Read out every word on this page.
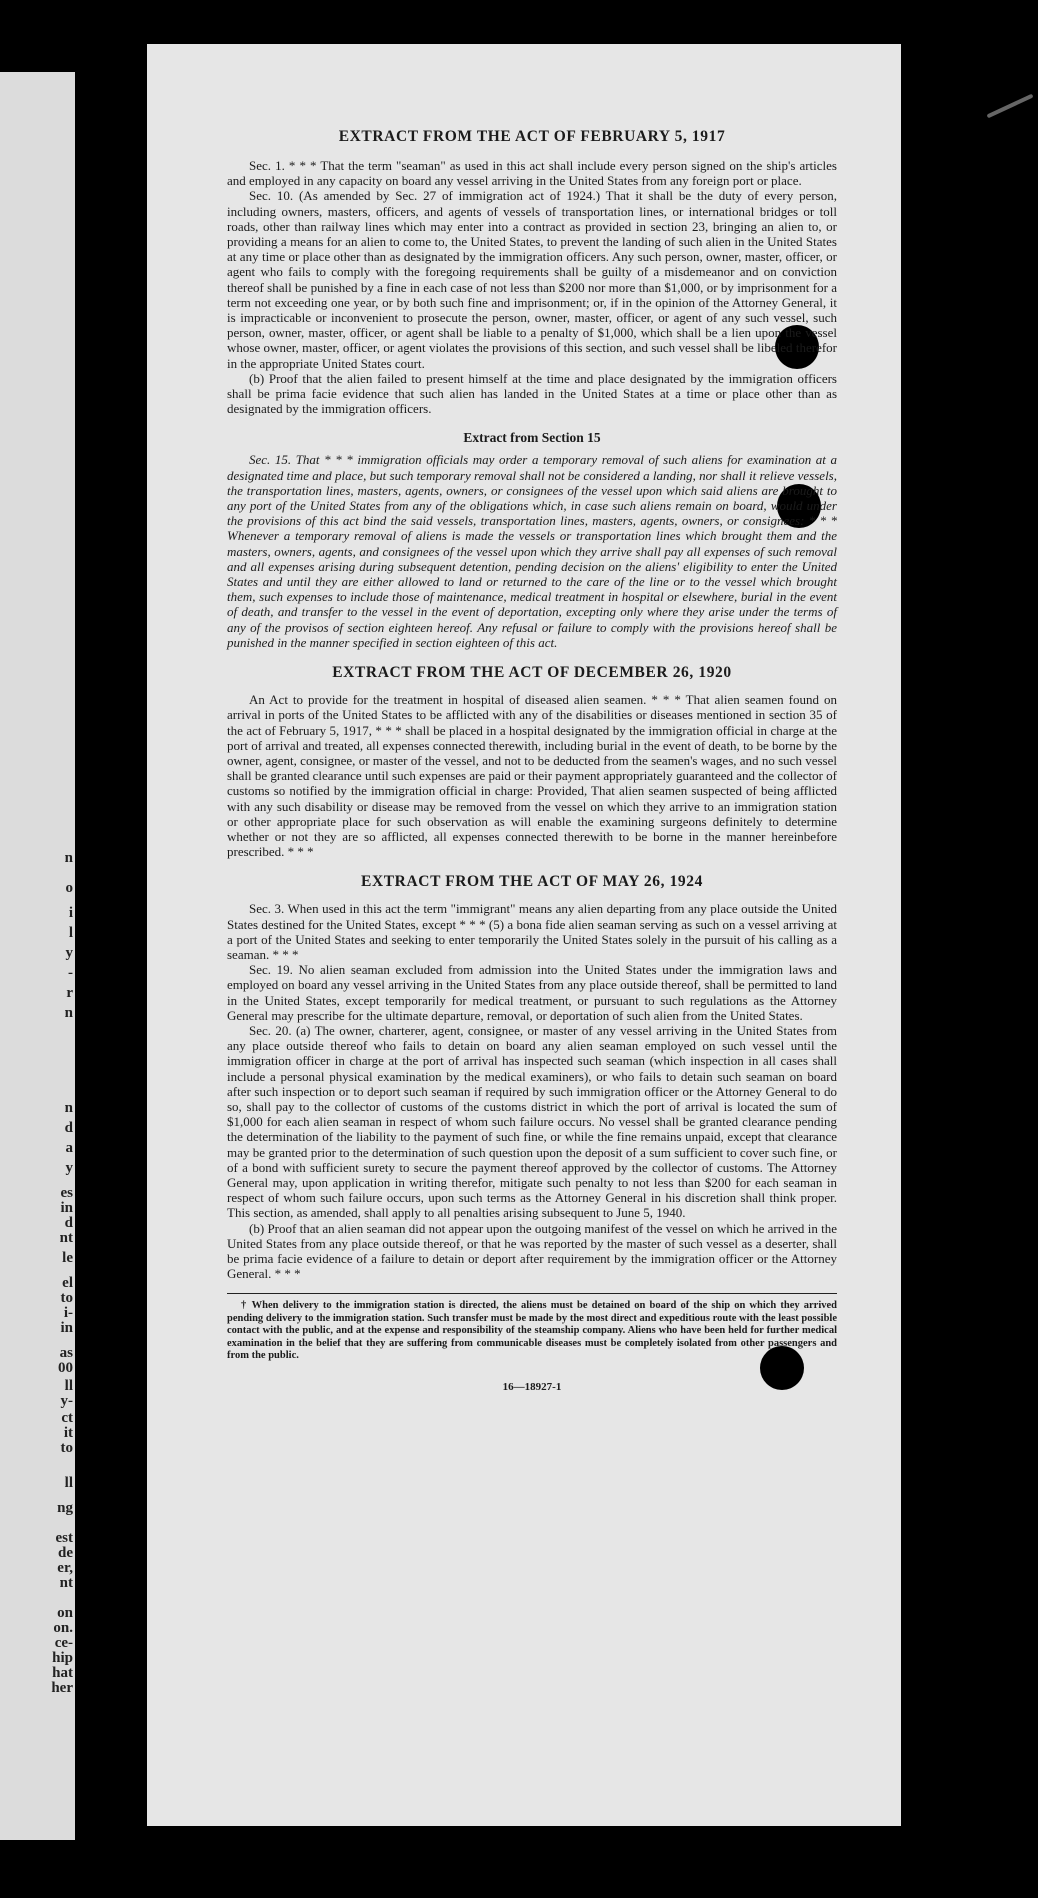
n
o
i
l
y
-
r
n
n
d
a
y
es
in
d
nt
le
el
to
i-
in
as
00
ll
y-
ct
it
to
ll
ng
est
de
er,
nt
on
on.
ce-
hip
hat
her
EXTRACT FROM THE ACT OF FEBRUARY 5, 1917

Sec. 1. * * * That the term "seaman" as used in this act shall include every person signed on the ship's articles and employed in any capacity on board any vessel arriving in the United States from any foreign port or place.

Sec. 10. (As amended by Sec. 27 of immigration act of 1924.) That it shall be the duty of every person, including owners, masters, officers, and agents of vessels of transportation lines, or international bridges or toll roads, other than railway lines which may enter into a contract as provided in section 23, bringing an alien to, or providing a means for an alien to come to, the United States, to prevent the landing of such alien in the United States at any time or place other than as designated by the immigration officers. Any such person, owner, master, officer, or agent who fails to comply with the foregoing requirements shall be guilty of a misdemeanor and on conviction thereof shall be punished by a fine in each case of not less than $200 nor more than $1,000, or by imprisonment for a term not exceeding one year, or by both such fine and imprisonment; or, if in the opinion of the Attorney General, it is impracticable or inconvenient to prosecute the person, owner, master, officer, or agent of any such vessel, such person, owner, master, officer, or agent shall be liable to a penalty of $1,000, which shall be a lien upon the vessel whose owner, master, officer, or agent violates the provisions of this section, and such vessel shall be libeled therefor in the appropriate United States court.

(b) Proof that the alien failed to present himself at the time and place designated by the immigration officers shall be prima facie evidence that such alien has landed in the United States at a time or place other than as designated by the immigration officers.

Extract from Section 15

Sec. 15. That * * * immigration officials may order a temporary removal of such aliens for examination at a designated time and place, but such temporary removal shall not be considered a landing, nor shall it relieve vessels, the transportation lines, masters, agents, owners, or consignees of the vessel upon which said aliens are brought to any port of the United States from any of the obligations which, in case such aliens remain on board, would under the provisions of this act bind the said vessels, transportation lines, masters, agents, owners, or consignees: * * * Whenever a temporary removal of aliens is made the vessels or transportation lines which brought them and the masters, owners, agents, and consignees of the vessel upon which they arrive shall pay all expenses of such removal and all expenses arising during subsequent detention, pending decision on the aliens' eligibility to enter the United States and until they are either allowed to land or returned to the care of the line or to the vessel which brought them, such expenses to include those of maintenance, medical treatment in hospital or elsewhere, burial in the event of death, and transfer to the vessel in the event of deportation, excepting only where they arise under the terms of any of the provisos of section eighteen hereof. Any refusal or failure to comply with the provisions hereof shall be punished in the manner specified in section eighteen of this act.

EXTRACT FROM THE ACT OF DECEMBER 26, 1920

An Act to provide for the treatment in hospital of diseased alien seamen. * * * That alien seamen found on arrival in ports of the United States to be afflicted with any of the disabilities or diseases mentioned in section 35 of the act of February 5, 1917, * * * shall be placed in a hospital designated by the immigration official in charge at the port of arrival and treated, all expenses connected therewith, including burial in the event of death, to be borne by the owner, agent, consignee, or master of the vessel, and not to be deducted from the seamen's wages, and no such vessel shall be granted clearance until such expenses are paid or their payment appropriately guaranteed and the collector of customs so notified by the immigration official in charge: Provided, That alien seamen suspected of being afflicted with any such disability or disease may be removed from the vessel on which they arrive to an immigration station or other appropriate place for such observation as will enable the examining surgeons definitely to determine whether or not they are so afflicted, all expenses connected therewith to be borne in the manner hereinbefore prescribed. * * *

EXTRACT FROM THE ACT OF MAY 26, 1924

Sec. 3. When used in this act the term "immigrant" means any alien departing from any place outside the United States destined for the United States, except * * * (5) a bona fide alien seaman serving as such on a vessel arriving at a port of the United States and seeking to enter temporarily the United States solely in the pursuit of his calling as a seaman. * * *

Sec. 19. No alien seaman excluded from admission into the United States under the immigration laws and employed on board any vessel arriving in the United States from any place outside thereof, shall be permitted to land in the United States, except temporarily for medical treatment, or pursuant to such regulations as the Attorney General may prescribe for the ultimate departure, removal, or deportation of such alien from the United States.

Sec. 20. (a) The owner, charterer, agent, consignee, or master of any vessel arriving in the United States from any place outside thereof who fails to detain on board any alien seaman employed on such vessel until the immigration officer in charge at the port of arrival has inspected such seaman (which inspection in all cases shall include a personal physical examination by the medical examiners), or who fails to detain such seaman on board after such inspection or to deport such seaman if required by such immigration officer or the Attorney General to do so, shall pay to the collector of customs of the customs district in which the port of arrival is located the sum of $1,000 for each alien seaman in respect of whom such failure occurs. No vessel shall be granted clearance pending the determination of the liability to the payment of such fine, or while the fine remains unpaid, except that clearance may be granted prior to the determination of such question upon the deposit of a sum sufficient to cover such fine, or of a bond with sufficient surety to secure the payment thereof approved by the collector of customs. The Attorney General may, upon application in writing therefor, mitigate such penalty to not less than $200 for each seaman in respect of whom such failure occurs, upon such terms as the Attorney General in his discretion shall think proper. This section, as amended, shall apply to all penalties arising subsequent to June 5, 1940.

(b) Proof that an alien seaman did not appear upon the outgoing manifest of the vessel on which he arrived in the United States from any place outside thereof, or that he was reported by the master of such vessel as a deserter, shall be prima facie evidence of a failure to detain or deport after requirement by the immigration officer or the Attorney General. * * *

† When delivery to the immigration station is directed, the aliens must be detained on board of the ship on which they arrived pending delivery to the immigration station. Such transfer must be made by the most direct and expeditious route with the least possible contact with the public, and at the expense and responsibility of the steamship company. Aliens who have been held for further medical examination in the belief that they are suffering from communicable diseases must be completely isolated from other passengers and from the public.

16—18927-1
